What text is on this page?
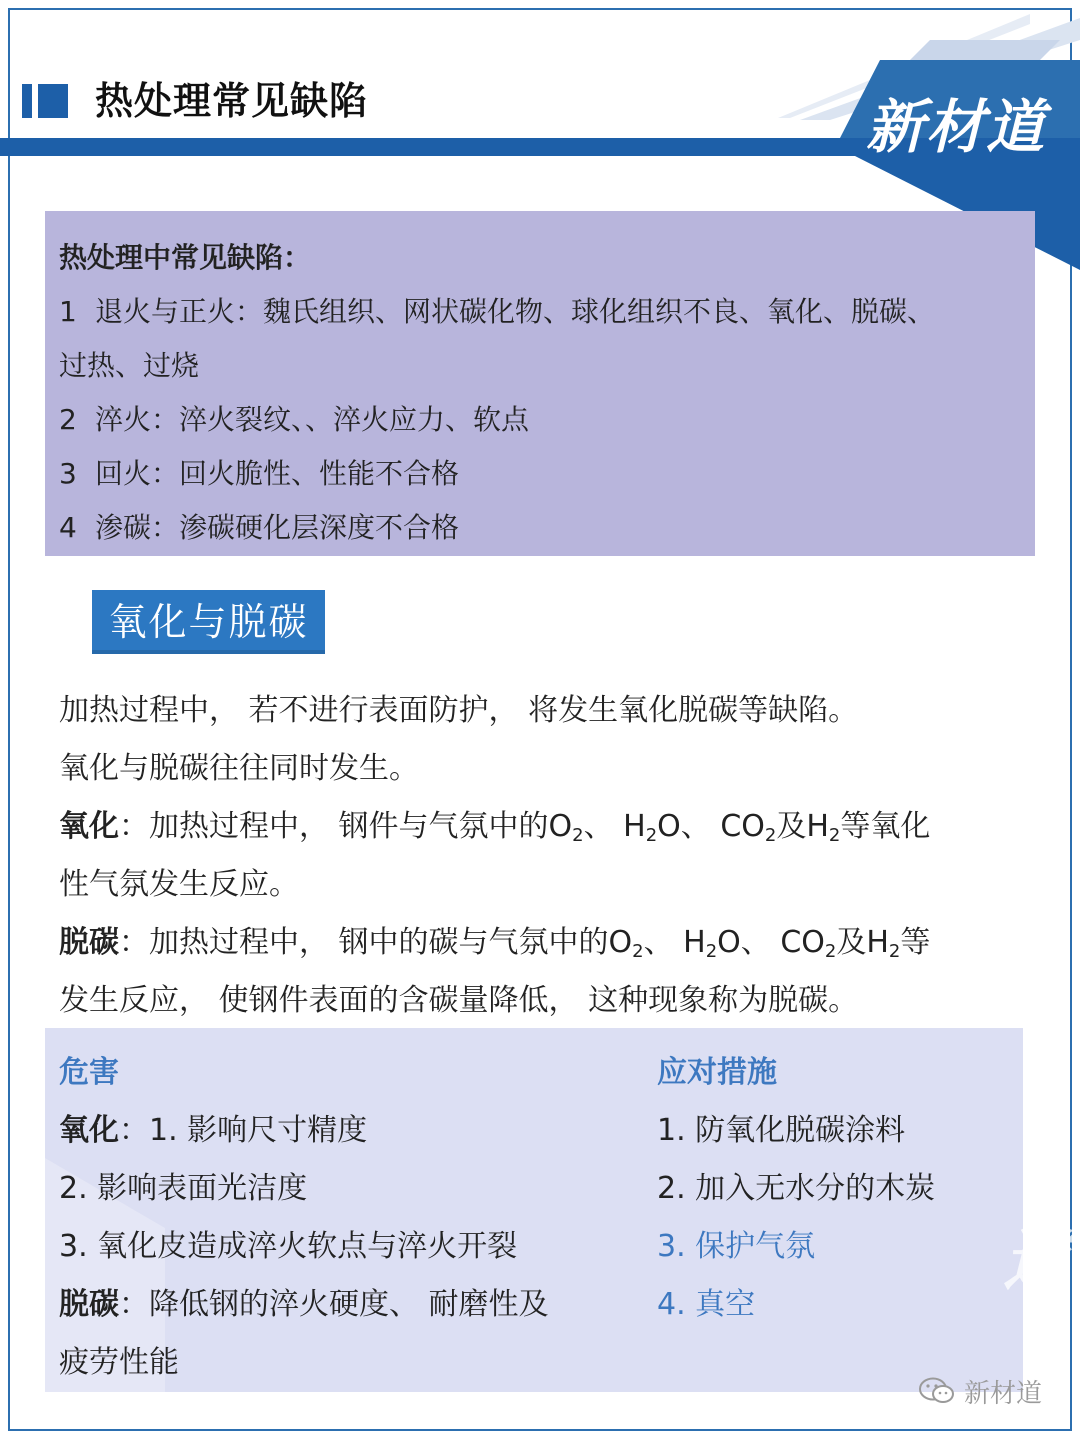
热处理常见缺陷	新材道
热处理中常见缺陷：
1 退火与正火：魏氏组织、网状碳化物、球化组织不良、氧化、脱碳、
过热、过烧
2 淬火：淬火裂纹、、淬火应力、软点
3 回火：回火脆性、性能不合格
4 渗碳：渗碳硬化层深度不合格
氧化与脱碳

加热过程中， 若不进行表面防护， 将发生氧化脱碳等缺陷。

氧化与脱碳往往同时发生。

氧化：加热过程中， 钢件与气氛中的$O_2$、 $H_2O$、 $CO_2$及$H_2$等氧化

性气氛发生反应。

脱碳：加热过程中， 钢中的碳与气氛中的$O_2$、 $H_2O$、 $CO_2$及$H_2$等

发生反应， 使钢件表面的含碳量降低， 这种现象称为脱碳。

危害

氧化：1. 影响尺寸精度

2. 影响表面光洁度

3. 氧化皮造成淬火软点与淬火开裂

脱碳：降低钢的淬火硬度、 耐磨性及

疲劳性能

应对措施

1. 防氧化脱碳涂料

2. 加入无水分的木炭

3. 保护气氛

4. 真空

道
新材道
